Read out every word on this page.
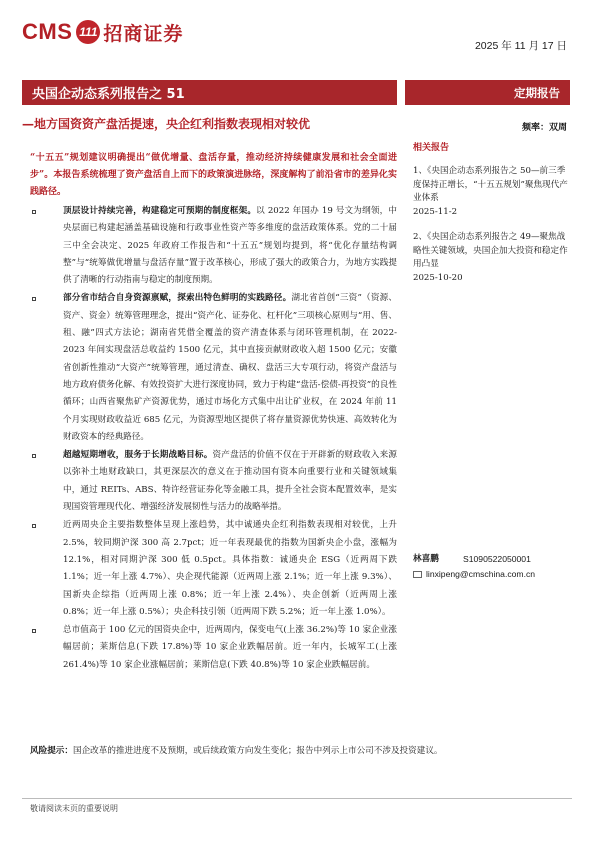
CMS 111 招商证券
2025 年 11 月 17 日
央国企动态系列报告之 51	定期报告
—地方国资资产盘活提速，央企红利指数表现相对较优	频率：双周
“十五五”规划建议明确提出“做优增量、盘活存量，推动经济持续健康发展和社会全面进步”。本报告系统梳理了资产盘活自上而下的政策演进脉络，深度解构了前沿省市的差异化实践路径。
顶层设计持续完善，构建稳定可预期的制度框架。以 2022 年国办 19 号文为纲领，中央层面已构建起涵盖基础设施和行政事业性资产等多维度的盘活政策体系。党的二十届三中全会决定、2025 年政府工作报告和“十五五”规划均提到，将“优化存量结构调整”与“统筹做优增量与盘活存量”置于改革核心，形成了强大的政策合力，为地方实践提供了清晰的行动指南与稳定的制度预期。
部分省市结合自身资源禀赋，探索出特色鲜明的实践路径。湖北省首创“三资”（资源、资产、资金）统筹管理理念，提出“资产化、证券化、杠杆化”三项核心原则与“用、售、租、融”四式方法论；湖南省凭借全覆盖的资产清查体系与闭环管理机制，在 2022-2023 年间实现盘活总收益约 1500 亿元，其中直接贡献财政收入超 1500 亿元；安徽省创新性推动“大资产”统筹管理，通过清查、确权、盘活三大专项行动，将资产盘活与地方政府债务化解、有效投资扩大进行深度协同，致力于构建“盘活-偿债-再投资”的良性循环；山西省聚焦矿产资源优势，通过市场化方式集中出让矿业权，在 2024 年前 11 个月实现财政收益近 685 亿元，为资源型地区提供了将存量资源优势快速、高效转化为财政资本的经典路径。
超越短期增收，服务于长期战略目标。资产盘活的价值不仅在于开辟新的财政收入来源以弥补土地财政缺口，其更深层次的意义在于推动国有资本向重要行业和关键领域集中，通过 REITs、ABS、特许经营证券化等金融工具，提升全社会资本配置效率，是实现国资管理现代化、增强经济发展韧性与活力的战略举措。
近两周央企主要指数整体呈现上涨趋势，其中诚通央企红利指数表现相对较优，上升 2.5%，较同期沪深 300 高 2.7pct；近一年表现最优的指数为国新央企小盘，涨幅为 12.1%，相对同期沪深 300 低 0.5pct。具体指数：诚通央企 ESG（近两周下跌 1.1%；近一年上涨 4.7%）、央企现代能源（近两周上涨 2.1%；近一年上涨 9.3%）、国新央企综指（近两周上涨 0.8%；近一年上涨 2.4%）、央企创新（近两周上涨 0.8%；近一年上涨 0.5%）；央企科技引领（近两周下跌 5.2%；近一年上涨 1.0%）。
总市值高于 100 亿元的国资央企中，近两周内，保变电气(上涨 36.2%)等 10 家企业涨幅居前；莱斯信息(下跌 17.8%)等 10 家企业跌幅居前。近一年内，长城军工(上涨 261.4%)等 10 家企业涨幅居前；莱斯信息(下跌 40.8%)等 10 家企业跌幅居前。
相关报告
1、《央国企动态系列报告之 50—前三季度保持正增长，“十五五规划”聚焦现代产业体系
2025-11-2
2、《央国企动态系列报告之 49—聚焦战略性关键领域，央国企加大投资和稳定作用凸显
2025-10-20
林喜鹏	S1090522050001
linxipeng@cmschina.com.cn
风险提示：国企改革的推进进度不及预期，或后续政策方向发生变化；报告中列示上市公司不涉及投资建议。
敬请阅读末页的重要说明
